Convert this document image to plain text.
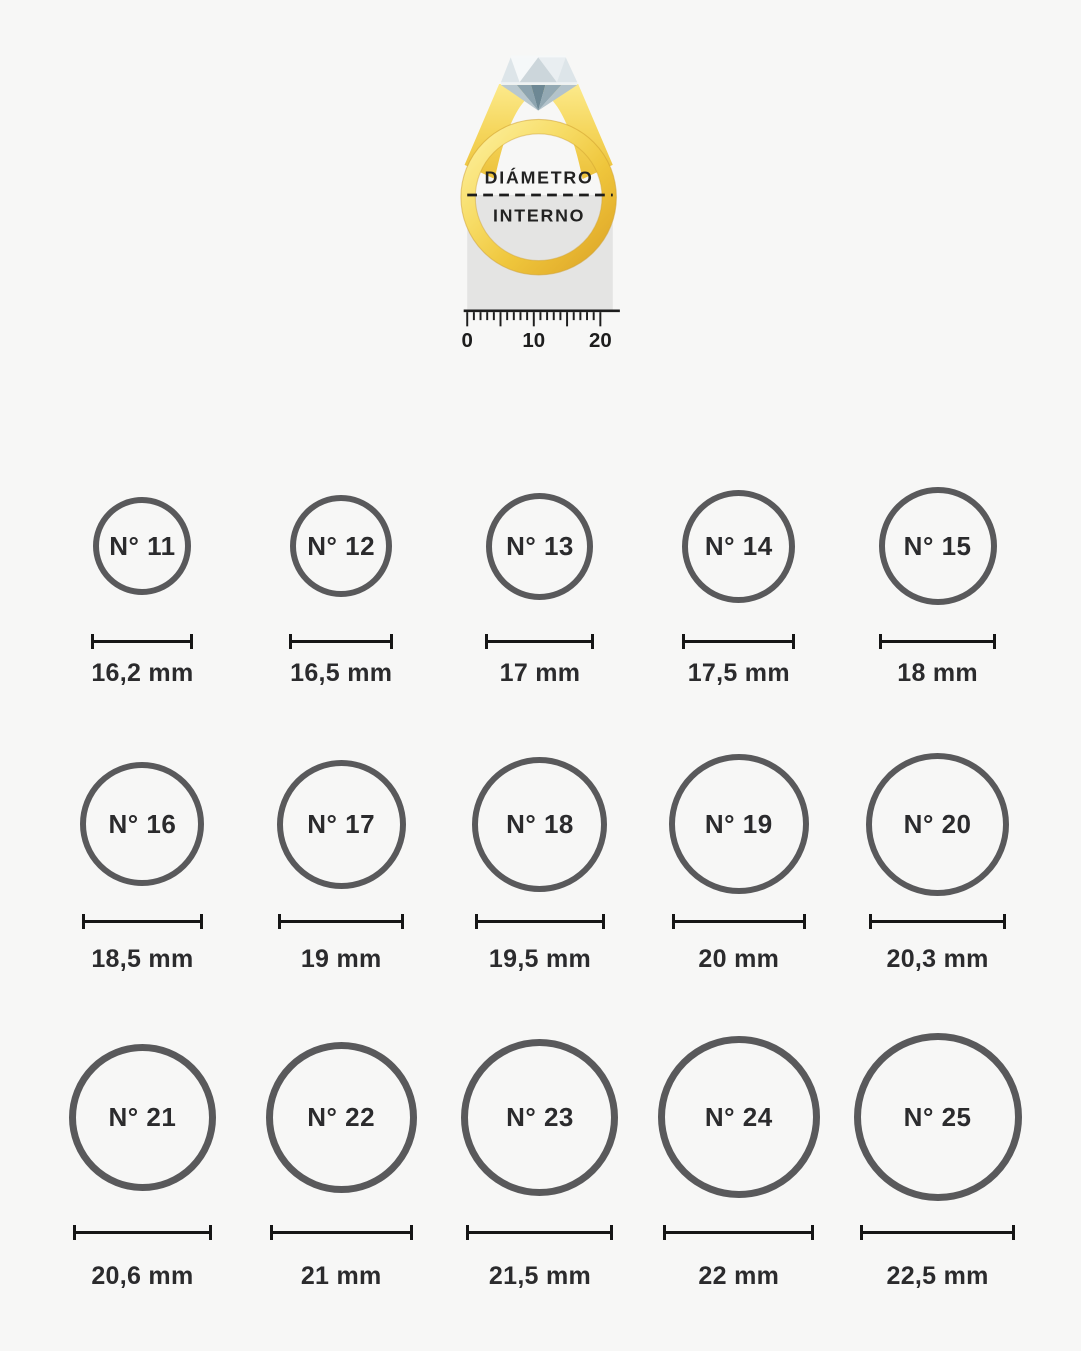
DIÁMETRO
INTERNO
0 10 20
N° 11
16,2 mm
N° 12
16,5 mm
N° 13
17 mm
N° 14
17,5 mm
N° 15
18 mm
N° 16
18,5 mm
N° 17
19 mm
N° 18
19,5 mm
N° 19
20 mm
N° 20
20,3 mm
N° 21
20,6 mm
N° 22
21 mm
N° 23
21,5 mm
N° 24
22 mm
N° 25
22,5 mm
